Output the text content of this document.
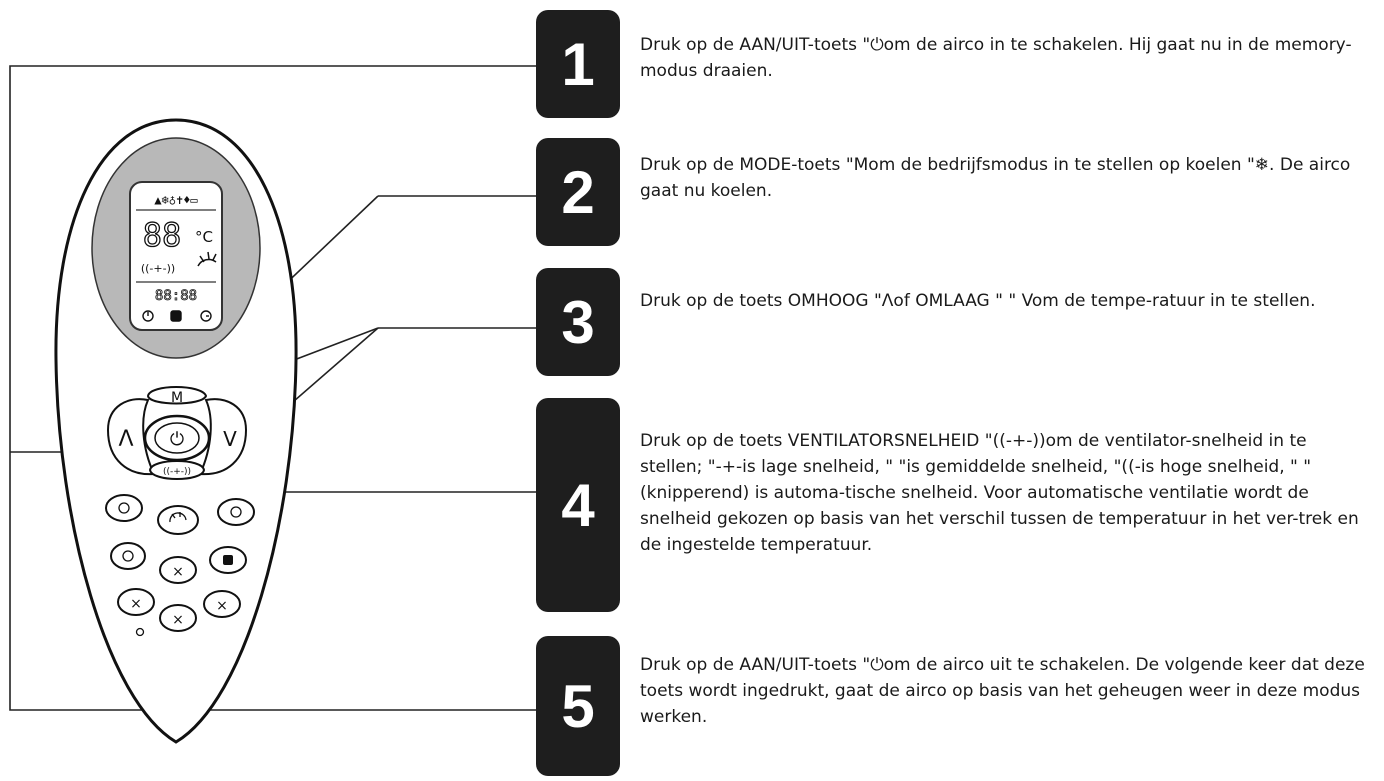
▲❄♁✝♦▭
88 °C
((‐+‐))
88:88
M
Λ	V
⏻
((‐+‐))
×
×
×
×
1	Druk op de AAN/UIT-toets "⏻om de airco in te schakelen. Hij gaat nu in de memory-modus draaien.
2	Druk op de MODE-toets "Mom de bedrijfsmodus in te stellen op koelen "❄. De airco gaat nu koelen.
3	Druk op de toets OMHOOG "Λof OMLAAG " " Vom de tempe-ratuur in te stellen.
4
Druk op de toets VENTILATORSNELHEID "((‐+‐))om de ventilator-snelheid in te stellen; "-+-is lage snelheid, " "is gemiddelde snelheid, "((‐is hoge snelheid, " " (knipperend) is automa-tische snelheid. Voor automatische ventilatie wordt de snelheid gekozen op basis van het verschil tussen de temperatuur in het ver-trek en de ingestelde temperatuur.
5
Druk op de AAN/UIT-toets "⏻om de airco uit te schakelen. De volgende keer dat deze toets wordt ingedrukt, gaat de airco op basis van het geheugen weer in deze modus werken.
